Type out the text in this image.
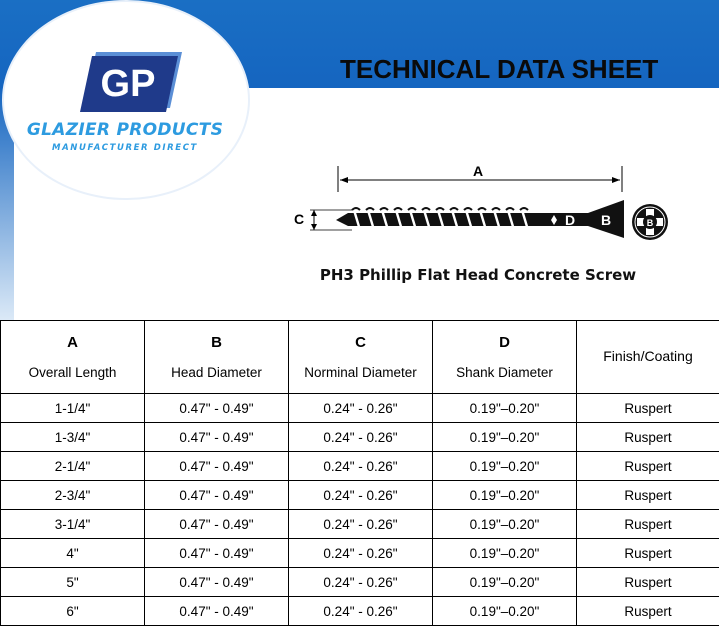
GP
GLAZIER PRODUCTS
MANUFACTURER DIRECT
TECHNICAL DATA SHEET
A
C	D B	B
PH3 Phillip Flat Head Concrete Screw
A
Overall Length	B
Head Diameter	C
Norminal Diameter	D
Shank Diameter	Finish/Coating
1-1/4"	0.47" - 0.49"	0.24" - 0.26"	0.19"–0.20"	Ruspert
1-3/4"	0.47" - 0.49"	0.24" - 0.26"	0.19"–0.20"	Ruspert
2-1/4"	0.47" - 0.49"	0.24" - 0.26"	0.19"–0.20"	Ruspert
2-3/4"	0.47" - 0.49"	0.24" - 0.26"	0.19"–0.20"	Ruspert
3-1/4"	0.47" - 0.49"	0.24" - 0.26"	0.19"–0.20"	Ruspert
4"	0.47" - 0.49"	0.24" - 0.26"	0.19"–0.20"	Ruspert
5"	0.47" - 0.49"	0.24" - 0.26"	0.19"–0.20"	Ruspert
6"	0.47" - 0.49"	0.24" - 0.26"	0.19"–0.20"	Ruspert
